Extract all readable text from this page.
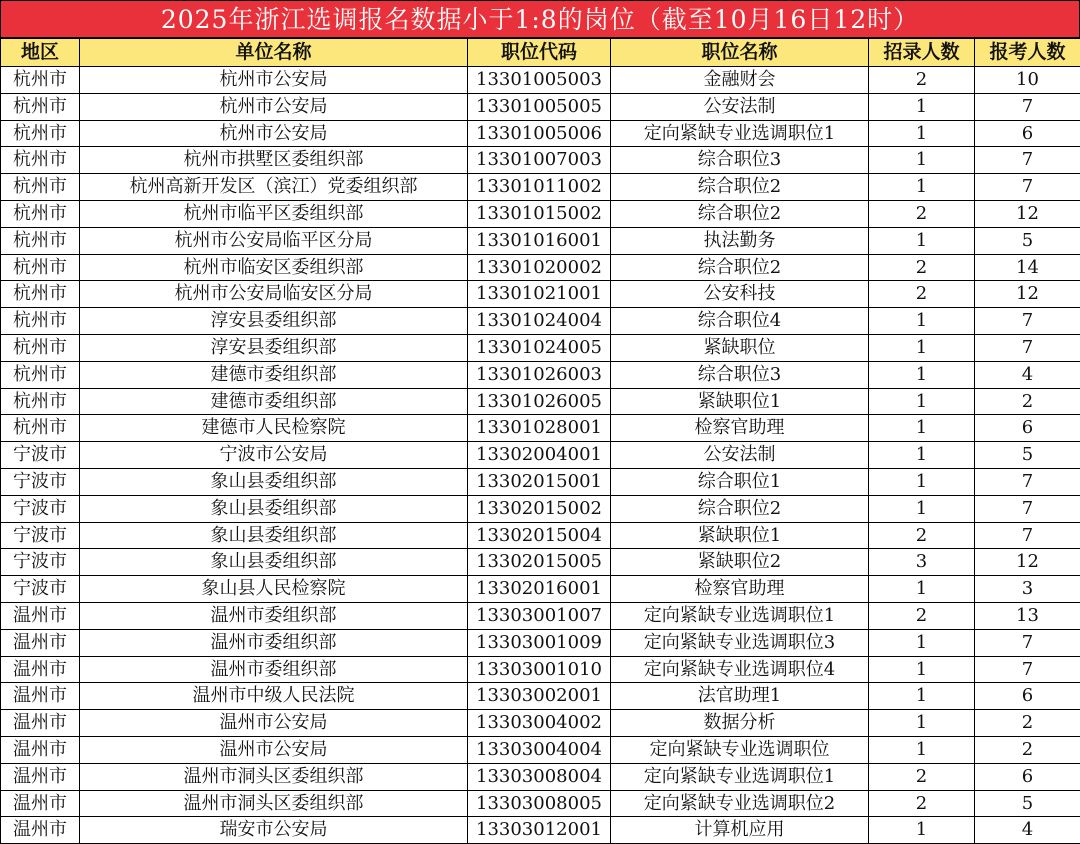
2025年浙江选调报名数据小于1:8的岗位（截至10月16日12时）
地区	单位名称	职位代码	职位名称	招录人数	报考人数
杭州市	杭州市公安局	13301005003	金融财会	2	10
杭州市	杭州市公安局	13301005005	公安法制	1	7
杭州市	杭州市公安局	13301005006	定向紧缺专业选调职位1	1	6
杭州市	杭州市拱墅区委组织部	13301007003	综合职位3	1	7
杭州市	杭州高新开发区（滨江）党委组织部	13301011002	综合职位2	1	7
杭州市	杭州市临平区委组织部	13301015002	综合职位2	2	12
杭州市	杭州市公安局临平区分局	13301016001	执法勤务	1	5
杭州市	杭州市临安区委组织部	13301020002	综合职位2	2	14
杭州市	杭州市公安局临安区分局	13301021001	公安科技	2	12
杭州市	淳安县委组织部	13301024004	综合职位4	1	7
杭州市	淳安县委组织部	13301024005	紧缺职位	1	7
杭州市	建德市委组织部	13301026003	综合职位3	1	4
杭州市	建德市委组织部	13301026005	紧缺职位1	1	2
杭州市	建德市人民检察院	13301028001	检察官助理	1	6
宁波市	宁波市公安局	13302004001	公安法制	1	5
宁波市	象山县委组织部	13302015001	综合职位1	1	7
宁波市	象山县委组织部	13302015002	综合职位2	1	7
宁波市	象山县委组织部	13302015004	紧缺职位1	2	7
宁波市	象山县委组织部	13302015005	紧缺职位2	3	12
宁波市	象山县人民检察院	13302016001	检察官助理	1	3
温州市	温州市委组织部	13303001007	定向紧缺专业选调职位1	2	13
温州市	温州市委组织部	13303001009	定向紧缺专业选调职位3	1	7
温州市	温州市委组织部	13303001010	定向紧缺专业选调职位4	1	7
温州市	温州市中级人民法院	13303002001	法官助理1	1	6
温州市	温州市公安局	13303004002	数据分析	1	2
温州市	温州市公安局	13303004004	定向紧缺专业选调职位	1	2
温州市	温州市洞头区委组织部	13303008004	定向紧缺专业选调职位1	2	6
温州市	温州市洞头区委组织部	13303008005	定向紧缺专业选调职位2	2	5
温州市	瑞安市公安局	13303012001	计算机应用	1	4
